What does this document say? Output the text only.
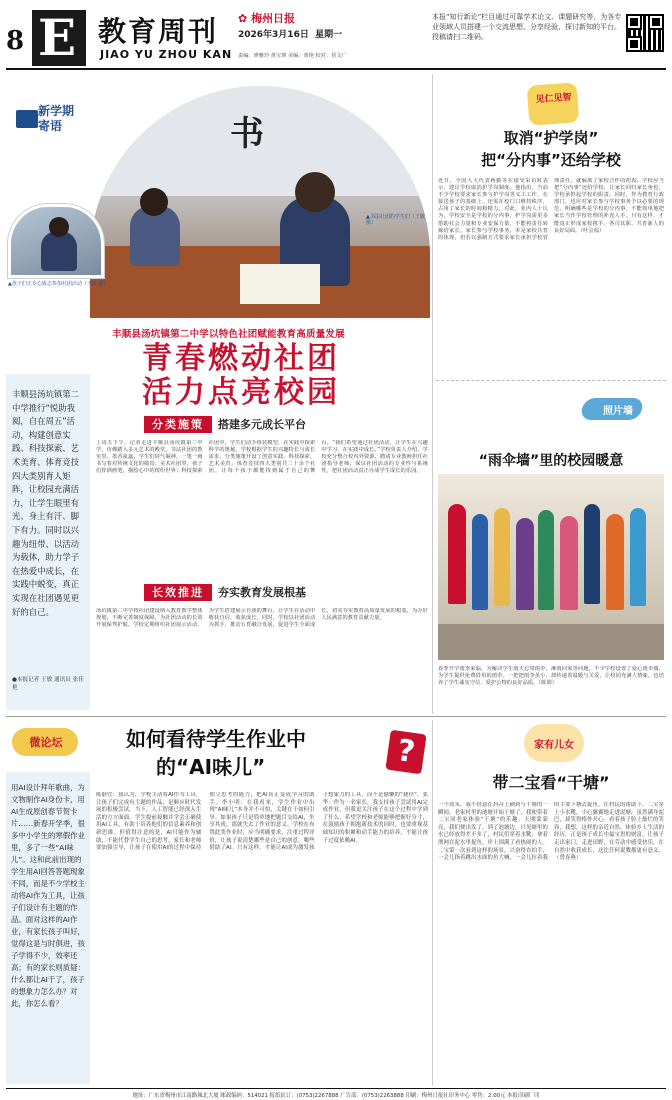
8 E 教育周刊
JIAO YU ZHOU KAN
✿ 梅州日报
2026年3月16日 星期一
责编：廖雅玲 黄宝瑛 美编：黄艳 校对：侯文广
本报“知行新论”栏目通过可靠学术论文、课题研究等，为各专业领域人员搭建一个交流思想、分享经验、探讨新知的平台。投稿请扫二维码。
书
新学期寄语
▲孩子们正专心致志参加社团活动（王敏 摄）
▲书法社团的学生们（王敏 摄）
丰顺县汤坑镇第二中学以特色社团赋能教育高质量发展
青春燃动社团
活力点亮校园
丰顺县汤坑镇第二中学推行“悦助我阅，自在周五”活动，构建创意实践、科技探索、艺术美育、体育竞技四大类别育人矩阵，让校园充满活力，让学生眼里有光、身上有汗、脚下有力。同时以兴趣为纽带、以活动为载体，助力学子在热爱中成长，在实践中蜕变，真正实现在社团遇见更好的自己。
●本报记者 王敏 通讯员 张佳艳
分类施策	搭建多元成长平台
上周五下午，记者走进丰顺县汤坑镇第二中学，仿佛踏入多元艺术的殿堂。书法社团的教室里，墨香氤氲，学生们屏气凝神，一笔一画书写着对传统文化的敬畏；美术社团里，孩子们挥洒画笔，描绘心中的缤纷世界；科技探索社团中，学生们动手组装模型，在实践中探索科学的奥秘。学校根据学生的兴趣特长与成长需求，分类施策开设了创意实践、科技探索、艺术美育、体育竞技四大类别共二十余个社团，让每个孩子都能找到属于自己的舞台。“我们希望通过社团活动，让学生在兴趣中学习，在实践中成长。”学校负责人介绍，学校充分整合校内外资源，聘请专业教师担任社团指导老师，保证社团活动的专业性与系统性，把社团活动真正办成学生成长的乐园。
长效推进	夯实教育发展根基
汤坑镇第二中学将社团建设纳入教育教学整体规划，不断完善制度保障，为社团活动的长效开展保驾护航。学校定期组织社团展示活动，为学生搭建展示自我的舞台，让学生在活动中收获自信、收获成长。同时，学校以社团活动为抓手，推动五育融合发展，促进学生全面成长，切实夯实教育高质量发展的根基，为办好人民满意的教育贡献力量。
见仁见智
取消“护学岗”
把“分内事”还给学校
近日，全国人大代表蒋勤等在接受采访时表示，建议学校取消护学岗制度。他指出，当前不少学校要求家长参与护学岗等义工工作，在接送孩子的基础上，还需在校门口维持秩序，占用了家长的时间和精力。对此，业内人士认为，学校安全是学校的分内事，护学岗需更多借助社会力量和专业安保力量，不能将责任转嫁给家长。家长参与学校事务，本是家校共育的体现，但若以强制方式要求家长承担学校管理责任，就偏离了家校合作的初衷。学校应当把“分内事”还给学校，让家长回归家长角色，学校承担起学校的职责。同时，作为教育行政部门，也应对家长参与学校事务予以必要的规范，明确哪些是学校的分内事，不能简单地把家长当作学校管理的补充人手。只有这样，才能真正形成家校携手、各司其职、共育新人的良好局面。（叶会福）
照片墙
“雨伞墙”里的校园暖意
春季开学雨季来临，为解决学生雨天忘带雨伞、淋雨回家等问题，不少学校设置了爱心雨伞墙，为学生提供免费借用的雨伞。一把把雨伞虽小，却传递着温暖与关爱，让校园充满人情味，也培养了学生诚实守信、爱护公物的良好品质。（陈娟）
微论坛
用AI设计拜年歌曲，为文物制作AI身份卡，用AI生成原创春节贺卡片……新春开学季，很多中小学生的寒假作业里，多了一些“AI味儿”。这和此前出现的学生用AI回答答题现象不同，而是不少学校主动将AI作为工具，让孩子们设计有主题的作品。面对这样的AI作业，有家长孩子叫好，觉得这是与时俱进，孩子学得不少，效率还高；有的家长则质疑：什么都让AI干了，孩子的想象力怎么办？对此，你怎么看？
如何看待学生作业中
的“AI味儿”	?
陈静宜：我认为，学校主动将AI作为工具，让孩子们完成有主题的作品，是顺应时代发展的积极尝试。当下，人工智能已经深入生活的方方面面，学生提前接触并学会正确使用AI工具，有助于培养他们的信息素养和创新思维。但值得注意的是，AI只能作为辅助，不能代替学生自己的思考。家长和老师要加强引导，让孩子在使用AI的过程中保持独立思考的能力，把AI真正变成学习的助手。李小明：在我看来，学生作业中出现“AI味儿”本身并不可怕，关键在于如何引导。如果孩子只是简单地把题目交给AI，坐享其成，那就失去了作业的意义。学校在布置此类作业时，应当明确要求，注重过程评价，让孩子说清楚哪些是自己的创意，哪些借助了AI。只有这样，才能让AI成为激发孩子想象力的工具，而不是偷懒的“捷径”。张华：作为一名家长，我支持孩子尝试用AI完成作业，但我更关注孩子在这个过程中学到了什么。希望学校和老师能够把握好分寸，在鼓励孩子拥抱新技术的同时，也要重视基础知识的积累和动手能力的培养，不能让孩子过度依赖AI。
家有儿女
带二宝看“干塘”
一个周末，我不经意在抖音上刷到与干塘的一瞬间。老家村里的池塘开始干塘了，我便带着二宝回老家体验“干塘”的乐趣。天刚蒙蒙亮，我们便出发了。到了池塘边，只见塘里的水已经放得差不多了，村民们穿着水靴、拿着渔网在泥水里捉鱼，岸上围满了看热闹的人。二宝第一次看到这样的场景，兴奋得直拍手，一会儿指着跳出水面的鱼大喊，一会儿拉着我的手要下塘去捉鱼。在村民的帮助下，二宝穿上小水靴，小心翼翼地走进泥塘，虽然满身泥巴，却笑得格外开心。看着孩子脸上灿烂的笑容，我想，这样的亲近自然、体验乡土生活的经历，正是孩子成长中最宝贵的财富。让孩子走出家门，走进田野，在劳动中感受快乐，在自然中收获成长，这比任何说教都更有意义。（曾春燕）
地址：广东省梅州市江南路城北大厦 邮政编码：514021 报纸征订：(0753)2267888 广告部：(0753)2263888 印刷：梅州日报社印务中心 零售：2.00元 本报印刷厂印
